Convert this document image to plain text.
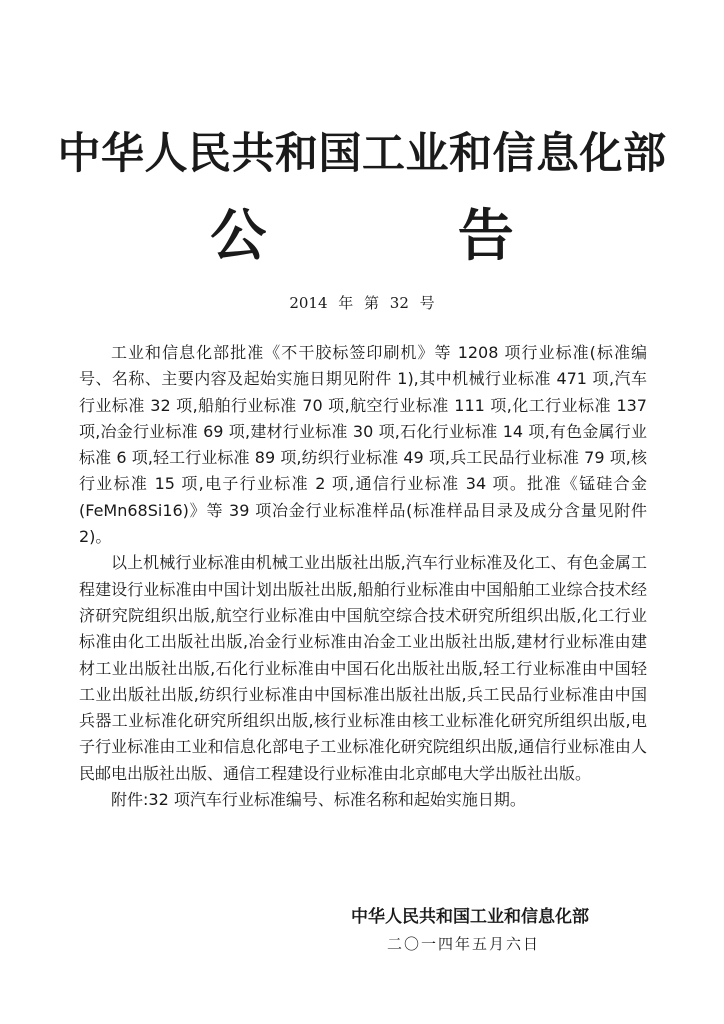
中华人民共和国工业和信息化部
公 告
2014 年 第 32 号

工业和信息化部批准《不干胶标签印刷机》等 1208 项行业标准(标准编号、名称、主要内容及起始实施日期见附件 1),其中机械行业标准 471 项,汽车行业标准 32 项,船舶行业标准 70 项,航空行业标准 111 项,化工行业标准 137 项,冶金行业标准 69 项,建材行业标准 30 项,石化行业标准 14 项,有色金属行业标准 6 项,轻工行业标准 89 项,纺织行业标准 49 项,兵工民品行业标准 79 项,核行业标准 15 项,电子行业标准 2 项,通信行业标准 34 项。批准《锰硅合金(FeMn68Si16)》等 39 项冶金行业标准样品(标准样品目录及成分含量见附件 2)。

以上机械行业标准由机械工业出版社出版,汽车行业标准及化工、有色金属工程建设行业标准由中国计划出版社出版,船舶行业标准由中国船舶工业综合技术经济研究院组织出版,航空行业标准由中国航空综合技术研究所组织出版,化工行业标准由化工出版社出版,冶金行业标准由冶金工业出版社出版,建材行业标准由建材工业出版社出版,石化行业标准由中国石化出版社出版,轻工行业标准由中国轻工业出版社出版,纺织行业标准由中国标准出版社出版,兵工民品行业标准由中国兵器工业标准化研究所组织出版,核行业标准由核工业标准化研究所组织出版,电子行业标准由工业和信息化部电子工业标准化研究院组织出版,通信行业标准由人民邮电出版社出版、通信工程建设行业标准由北京邮电大学出版社出版。

附件:32 项汽车行业标准编号、标准名称和起始实施日期。

中华人民共和国工业和信息化部
二〇一四年五月六日
